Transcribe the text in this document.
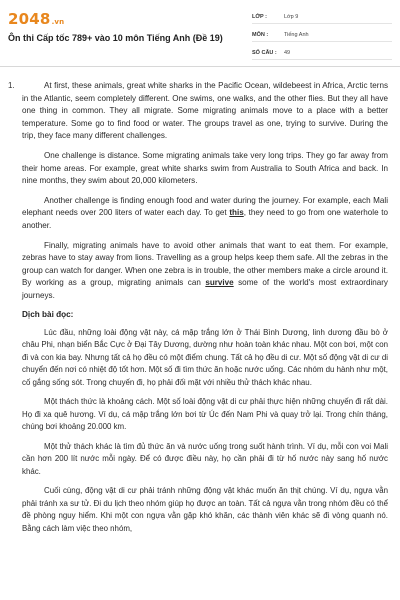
2048.vn
Ôn thi Cấp tốc 789+ vào 10 môn Tiếng Anh (Đề 19)
LỚP :	Lớp 9
MÔN :	Tiếng Anh
SỐ CÂU :	49
1.	At first, these animals, great white sharks in the Pacific Ocean, wildebeest in Africa, Arctic terns in the Atlantic, seem completely different. One swims, one walks, and the other flies. But they all have one thing in common. They all migrate. Some migrating animals move to a place with a better temperature. Some go to find food or water. The groups travel as one, trying to survive. During the trip, they face many different challenges.

One challenge is distance. Some migrating animals take very long trips. They go far away from their home areas. For example, great white sharks swim from Australia to South Africa and back. In nine months, they swim about 20,000 kilometers.

Another challenge is finding enough food and water during the journey. For example, each Mali elephant needs over 200 liters of water each day. To get this, they need to go from one waterhole to another.

Finally, migrating animals have to avoid other animals that want to eat them. For example, zebras have to stay away from lions. Travelling as a group helps keep them safe. All the zebras in the group can watch for danger. When one zebra is in trouble, the other members make a circle around it. By working as a group, migrating animals can survive some of the world's most extraordinary journeys.

Dịch bài đọc:

Lúc đầu, những loài động vật này, cá mập trắng lớn ở Thái Bình Dương, linh dương đầu bò ở châu Phi, nhạn biển Bắc Cực ở Đại Tây Dương, dường như hoàn toàn khác nhau. Một con bơi, một con đi và con kia bay. Nhưng tất cả họ đều có một điểm chung. Tất cả họ đều di cư. Một số động vật di cư di chuyển đến nơi có nhiệt độ tốt hơn. Một số đi tìm thức ăn hoặc nước uống. Các nhóm du hành như một, cố gắng sống sót. Trong chuyến đi, họ phải đối mặt với nhiều thử thách khác nhau.

Một thách thức là khoảng cách. Một số loài động vật di cư phải thực hiện những chuyến đi rất dài. Họ đi xa quê hương. Ví dụ, cá mập trắng lớn bơi từ Úc đến Nam Phi và quay trở lại. Trong chín tháng, chúng bơi khoảng 20.000 km.

Một thử thách khác là tìm đủ thức ăn và nước uống trong suốt hành trình. Ví dụ, mỗi con voi Mali cần hơn 200 lít nước mỗi ngày. Để có được điều này, họ cần phải đi từ hố nước này sang hố nước khác.

Cuối cùng, động vật di cư phải tránh những động vật khác muốn ăn thịt chúng. Ví dụ, ngựa vằn phải tránh xa sư tử. Đi du lịch theo nhóm giúp họ được an toàn. Tất cả ngựa vằn trong nhóm đều có thể đề phòng nguy hiểm. Khi một con ngựa vằn gặp khó khăn, các thành viên khác sẽ đi vòng quanh nó. Bằng cách làm việc theo nhóm,
